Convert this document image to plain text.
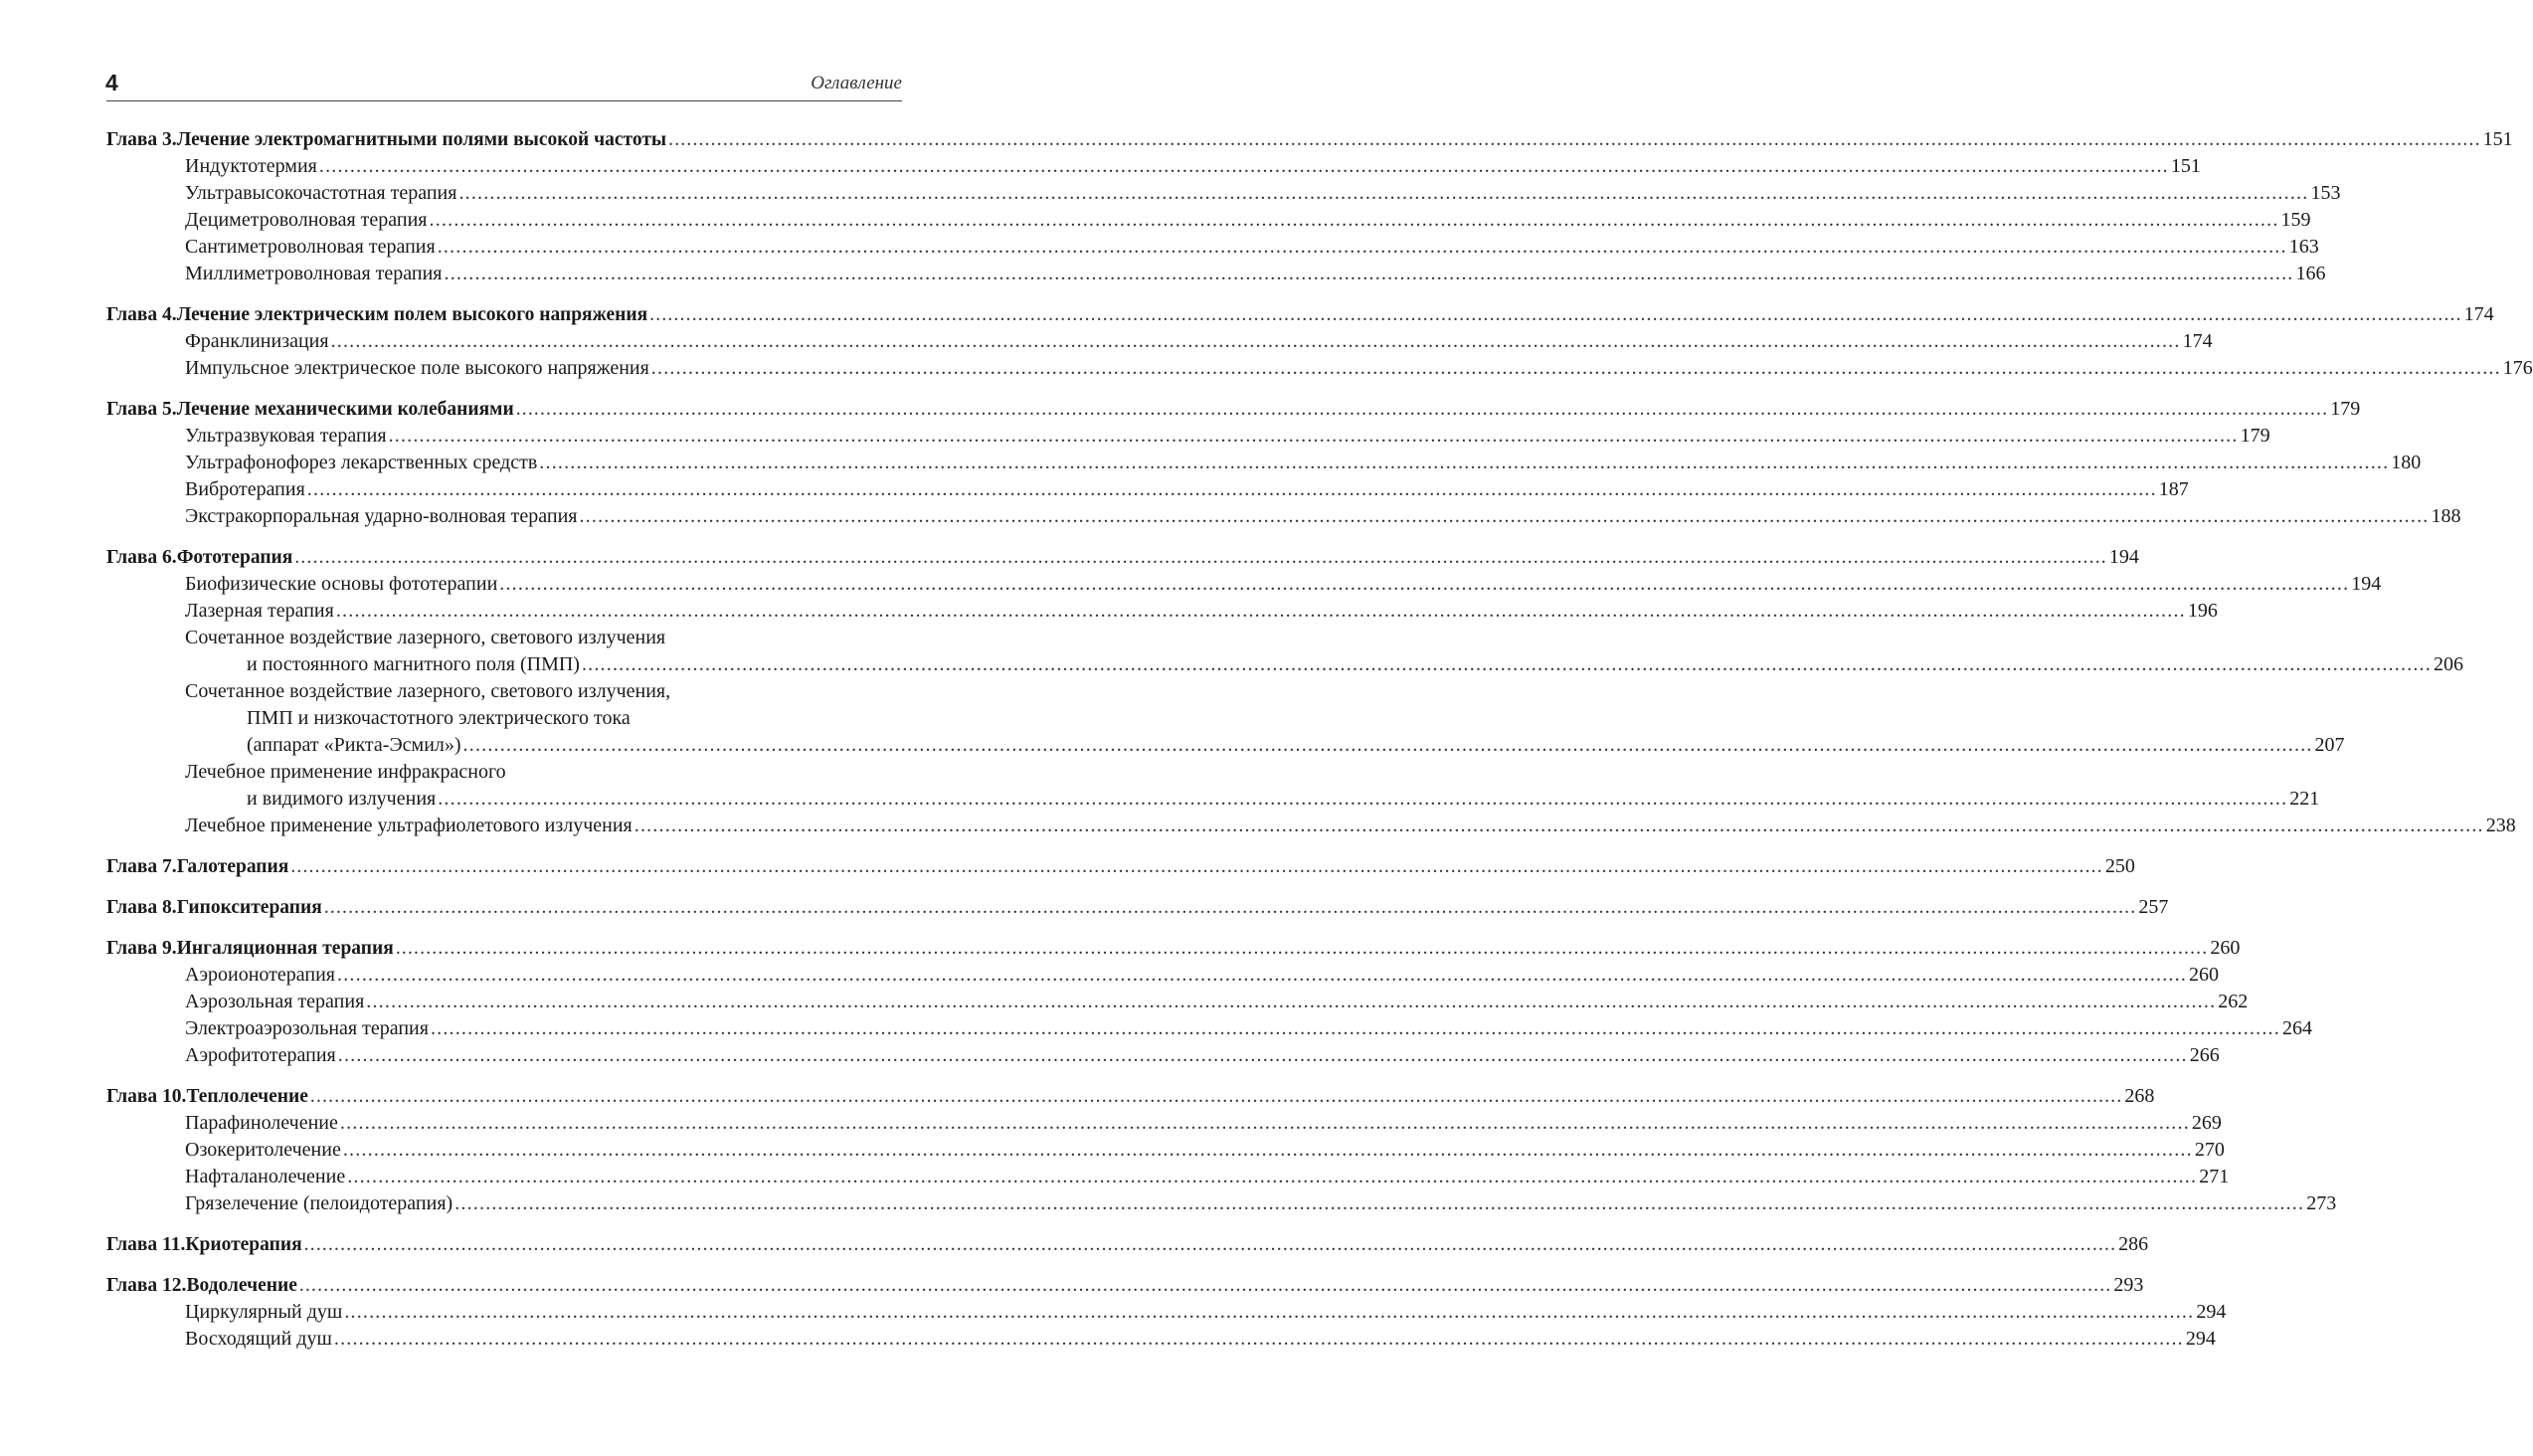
4	Оглавление
Глава 3. Лечение электромагнитными полями высокой частоты ............................................................................................................................................................................................................................................................................................................ 151
Индуктотермия ............................................................................................................................................................................................................................................................................................................ 151
Ультравысокочастотная терапия ............................................................................................................................................................................................................................................................................................................ 153
Дециметроволновая терапия ............................................................................................................................................................................................................................................................................................................ 159
Сантиметроволновая терапия ............................................................................................................................................................................................................................................................................................................ 163
Миллиметроволновая терапия ............................................................................................................................................................................................................................................................................................................ 166
Глава 4. Лечение электрическим полем высокого напряжения ............................................................................................................................................................................................................................................................................................................ 174
Франклинизация ............................................................................................................................................................................................................................................................................................................ 174
Импульсное электрическое поле высокого напряжения ............................................................................................................................................................................................................................................................................................................ 176
Глава 5. Лечение механическими колебаниями ............................................................................................................................................................................................................................................................................................................ 179
Ультразвуковая терапия ............................................................................................................................................................................................................................................................................................................ 179
Ультрафонофорез лекарственных средств ............................................................................................................................................................................................................................................................................................................ 180
Вибротерапия ............................................................................................................................................................................................................................................................................................................ 187
Экстракорпоральная ударно-волновая терапия ............................................................................................................................................................................................................................................................................................................ 188
Глава 6. Фототерапия ............................................................................................................................................................................................................................................................................................................ 194
Биофизические основы фототерапии ............................................................................................................................................................................................................................................................................................................ 194
Лазерная терапия ............................................................................................................................................................................................................................................................................................................ 196
Сочетанное воздействие лазерного, светового излучения
и постоянного магнитного поля (ПМП) ............................................................................................................................................................................................................................................................................................................ 206
Сочетанное воздействие лазерного, светового излучения,
ПМП и низкочастотного электрического тока
(аппарат «Рикта-Эсмил») ............................................................................................................................................................................................................................................................................................................ 207
Лечебное применение инфракрасного
и видимого излучения ............................................................................................................................................................................................................................................................................................................ 221
Лечебное применение ультрафиолетового излучения ............................................................................................................................................................................................................................................................................................................ 238
Глава 7. Галотерапия ............................................................................................................................................................................................................................................................................................................ 250
Глава 8. Гипокситерапия ............................................................................................................................................................................................................................................................................................................ 257
Глава 9. Ингаляционная терапия ............................................................................................................................................................................................................................................................................................................ 260
Аэроионотерапия ............................................................................................................................................................................................................................................................................................................ 260
Аэрозольная терапия ............................................................................................................................................................................................................................................................................................................ 262
Электроаэрозольная терапия ............................................................................................................................................................................................................................................................................................................ 264
Аэрофитотерапия ............................................................................................................................................................................................................................................................................................................ 266
Глава 10. Теплолечение ............................................................................................................................................................................................................................................................................................................ 268
Парафинолечение ............................................................................................................................................................................................................................................................................................................ 269
Озокеритолечение ............................................................................................................................................................................................................................................................................................................ 270
Нафталанолечение ............................................................................................................................................................................................................................................................................................................ 271
Грязелечение (пелоидотерапия) ............................................................................................................................................................................................................................................................................................................ 273
Глава 11. Криотерапия ............................................................................................................................................................................................................................................................................................................ 286
Глава 12. Водолечение ............................................................................................................................................................................................................................................................................................................ 293
Циркулярный душ ............................................................................................................................................................................................................................................................................................................ 294
Восходящий душ ............................................................................................................................................................................................................................................................................................................ 294
